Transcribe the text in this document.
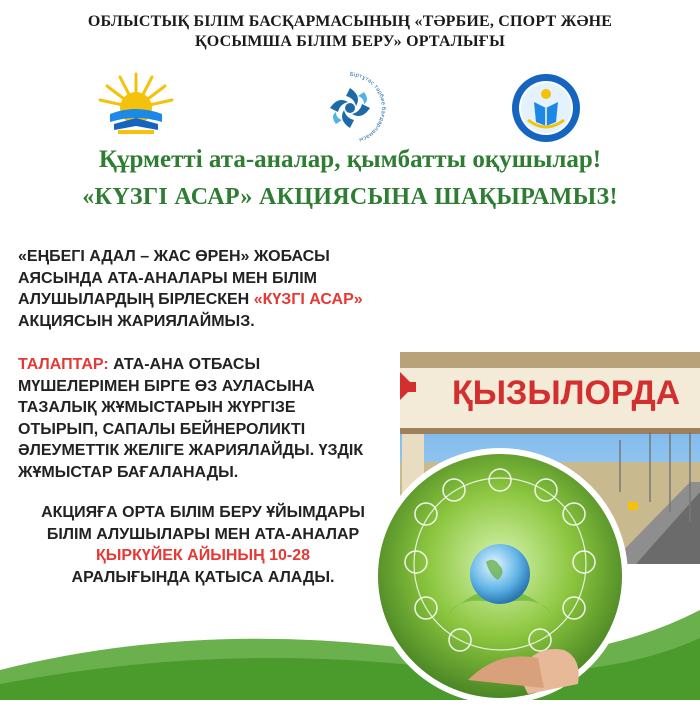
ОБЛЫСТЫҚ БІЛІМ БАСҚАРМАСЫНЫҢ «ТӘРБИЕ, СПОРТ ЖӘНЕ
ҚОСЫМША БІЛІМ БЕРУ» ОРТАЛЫҒЫ
Біртұтас тәрбие бағдарламасы
Құрметті ата-аналар, қымбатты оқушылар!
«КҮЗГІ АСАР» АКЦИЯСЫНА ШАҚЫРАМЫЗ!
«ЕҢБЕГІ АДАЛ – ЖАС ӨРЕН» ЖОБАСЫ АЯСЫНДА АТА-АНАЛАРЫ МЕН БІЛІМ АЛУШЫЛАРДЫҢ БІРЛЕСКЕН «КҮЗГІ АСАР» АКЦИЯСЫН ЖАРИЯЛАЙМЫЗ.
ТАЛАПТАР: АТА-АНА ОТБАСЫ МҮШЕЛЕРІМЕН БІРГЕ ӨЗ АУЛАСЫНА ТАЗАЛЫҚ ЖҰМЫСТАРЫН ЖҮРГІЗЕ ОТЫРЫП, САПАЛЫ БЕЙНЕРОЛИКТІ ӘЛЕУМЕТТІК ЖЕЛІГЕ ЖАРИЯЛАЙДЫ. ҮЗДІК ЖҰМЫСТАР БАҒАЛАНАДЫ.
АКЦИЯҒА ОРТА БІЛІМ БЕРУ ҰЙЫМДАРЫ БІЛІМ АЛУШЫЛАРЫ МЕН АТА-АНАЛАР ҚЫРКҮЙЕК АЙЫНЫҢ 10-28 АРАЛЫҒЫНДА ҚАТЫСА АЛАДЫ.
ҚЫЗЫЛОРДА
